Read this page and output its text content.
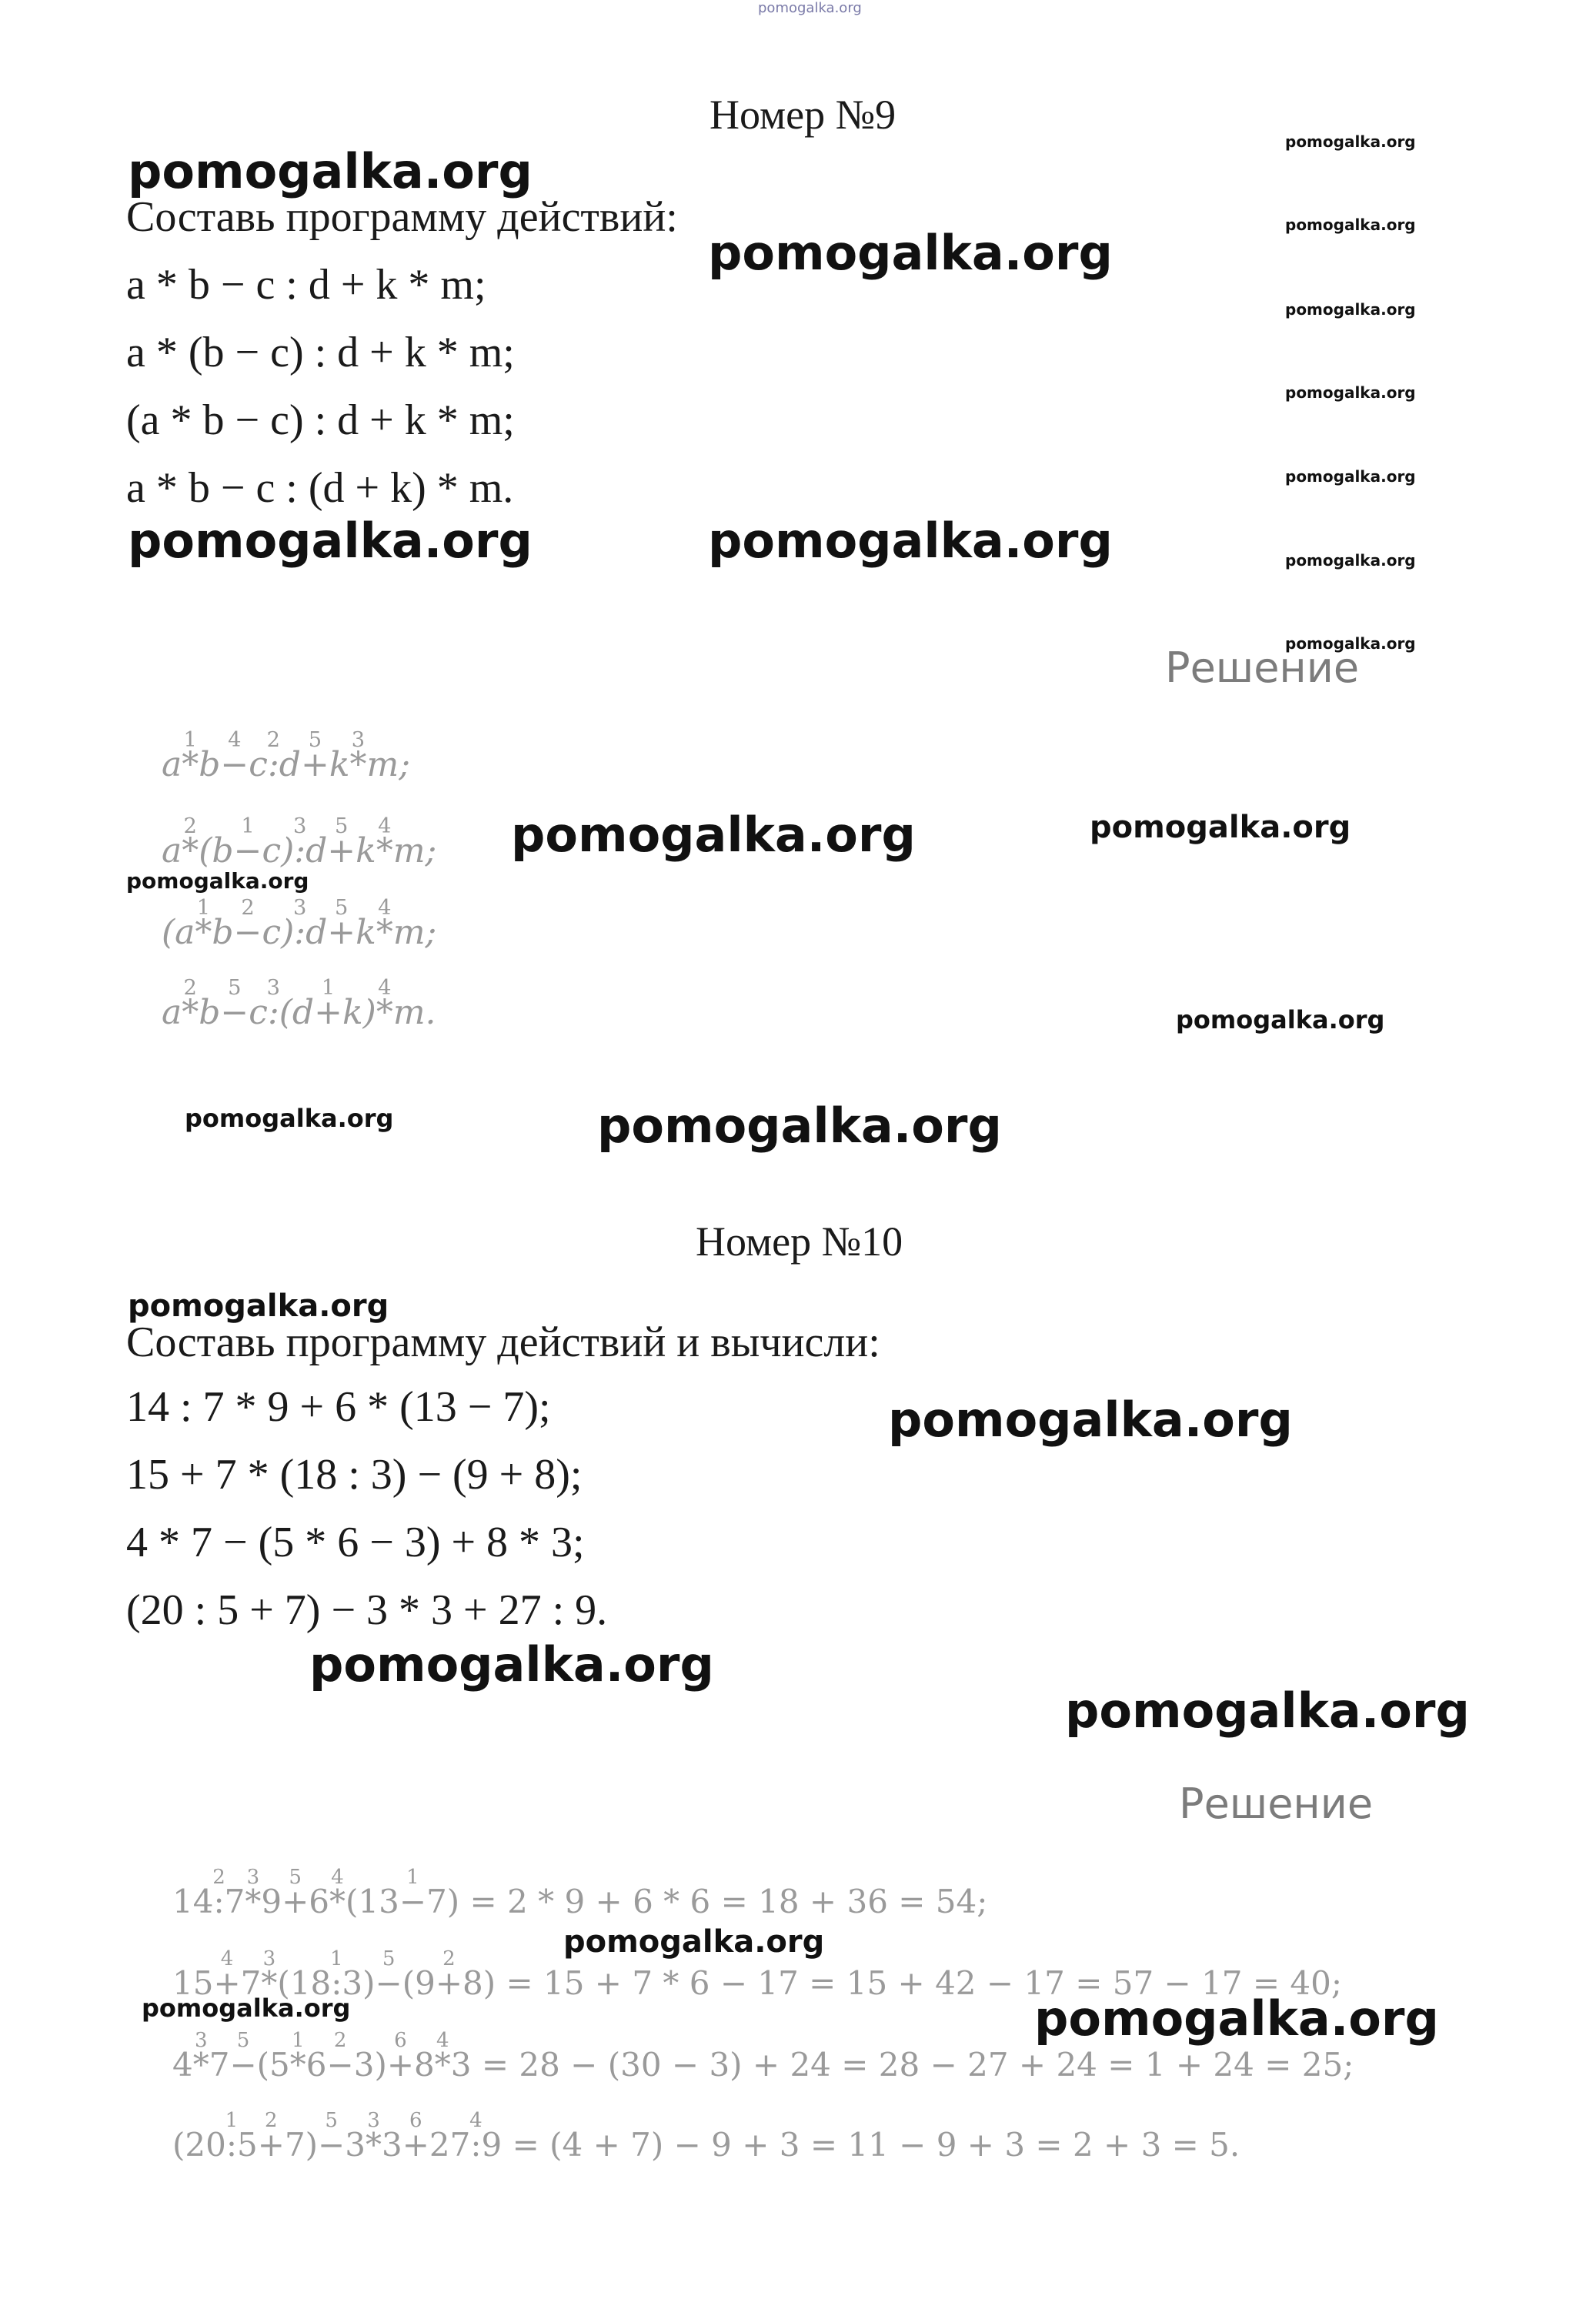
pomogalka.org
Номер №9
pomogalka.org
Составь программу действий:
pomogalka.org
a * b − c : d + k * m;
a * (b − c) : d + k * m;
(a * b − c) : d + k * m;
a * b − c : (d + k) * m.
pomogalka.org	pomogalka.org
pomogalka.org
pomogalka.org
pomogalka.org
pomogalka.org
pomogalka.org
pomogalka.org
pomogalka.org
Решение
a*
1
b−
4
c:
2
d+
5
k*
3
m;
a*
2
(b−
1
c):
3
d+
5
k*
4
m;
(a*
1
b−
2
c):
3
d+
5
k*
4
m;
a*
2
b−
5
c:
3
(d+
1
k)*
4
m.
pomogalka.org	pomogalka.org
pomogalka.org
pomogalka.org
pomogalka.org	pomogalka.org
Номер №10
pomogalka.org
Составь программу действий и вычисли:
14 : 7 * 9 + 6 * (13 − 7);	pomogalka.org
15 + 7 * (18 : 3) − (9 + 8);
4 * 7 − (5 * 6 − 3) + 8 * 3;
(20 : 5 + 7) − 3 * 3 + 27 : 9.
pomogalka.org
pomogalka.org
Решение
14:
2
7*
3
9+
5
6*
4
(13−
1
7) = 2 * 9 + 6 * 6 = 18 + 36 = 54;
15+
4
7*
3
(18:
1
3)−
5
(9+
2
8) = 15 + 7 * 6 − 17 = 15 + 42 − 17 = 57 − 17 = 40;
4*
3
7−
5
(5*
1
6−
2
3)+
6
8*
4
3 = 28 − (30 − 3) + 24 = 28 − 27 + 24 = 1 + 24 = 25;
(20:
1
5+
2
7)−
5
3*
3
3+
6
27:
4
9 = (4 + 7) − 9 + 3 = 11 − 9 + 3 = 2 + 3 = 5.
pomogalka.org
pomogalka.org	pomogalka.org
